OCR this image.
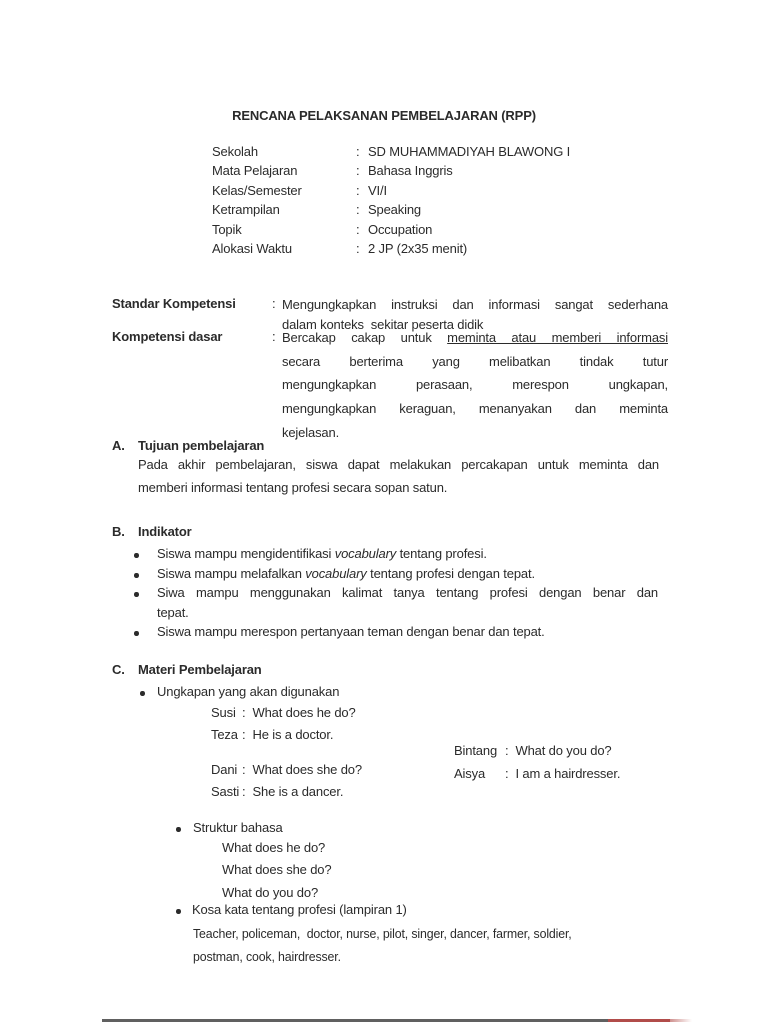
RENCANA PELAKSANAN PEMBELAJARAN (RPP)
Sekolah	: SD MUHAMMADIYAH BLAWONG I
Mata Pelajaran	: Bahasa Inggris
Kelas/Semester	: VI/I
Ketrampilan	: Speaking
Topik	: Occupation
Alokasi Waktu	: 2 JP (2x35 menit)
Standar Kompetensi	: Mengungkapkan instruksi dan informasi sangat sederhana
dalam konteks  sekitar peserta didik
Kompetensi dasar	: Bercakap cakap untuk meminta atau memberi informasi
secara berterima yang melibatkan tindak tutur
mengungkapkan perasaan, merespon ungkapan,
mengungkapkan keraguan, menanyakan dan meminta
kejelasan.
A. Tujuan pembelajaran
Pada akhir pembelajaran, siswa dapat melakukan percakapan untuk meminta dan
memberi informasi tentang profesi secara sopan satun.
B. Indikator
Siswa mampu mengidentifikasi vocabulary tentang profesi.
Siswa mampu melafalkan vocabulary tentang profesi dengan tepat.
Siwa mampu menggunakan kalimat tanya tentang profesi dengan benar dan
tepat.
Siswa mampu merespon pertanyaan teman dengan benar dan tepat.
C. Materi Pembelajaran
Ungkapan yang akan digunakan
Susi : What does he do?
Teza : He is a doctor.
Dani : What does she do?
Sasti : She is a dancer.
Bintang : What do you do?
Aisya	: I am a hairdresser.
Struktur bahasa
What does he do?
What does she do?
What do you do?
Kosa kata tentang profesi (lampiran 1)
Teacher, policeman,  doctor, nurse, pilot, singer, dancer, farmer, soldier,
postman, cook, hairdresser.
